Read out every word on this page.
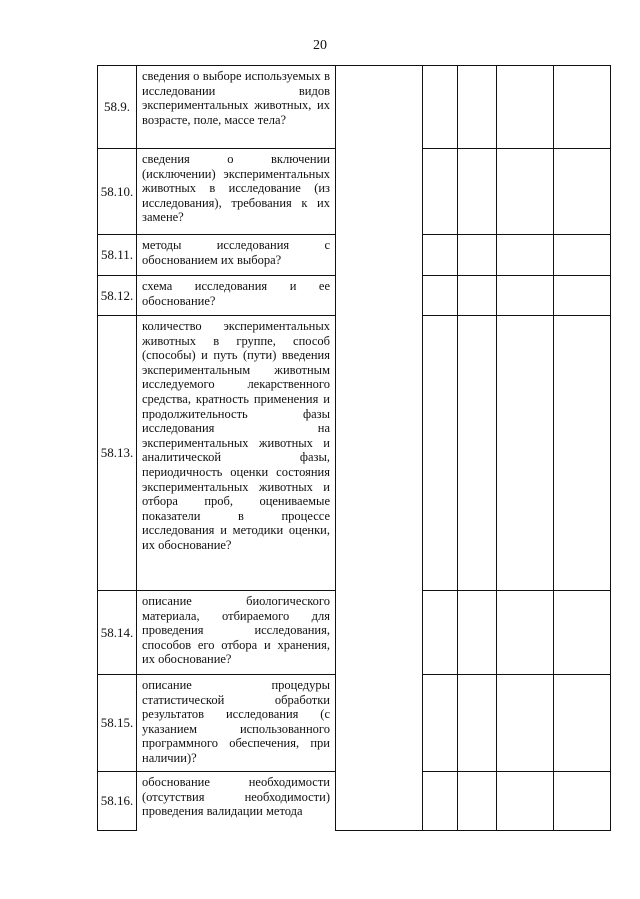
20
58.9.	сведения о выборе используемых в исследовании видов экспериментальных животных, их возрасте, поле, массе тела?					
58.10.	сведения о включении (исключении) экспериментальных животных в исследование (из исследования), требования к их замене?					
58.11.	методы исследования с обоснованием их выбора?					
58.12.	схема исследования и ее обоснование?					
58.13.	количество экспериментальных животных в группе, способ (способы) и путь (пути) введения экспериментальным животным исследуемого лекарственного средства, кратность применения и продолжительность фазы исследования на экспериментальных животных и аналитической фазы, периодичность оценки состояния экспериментальных животных и отбора проб, оцениваемые показатели в процессе исследования и методики оценки, их обоснование?					
58.14.	описание биологического материала, отбираемого для проведения исследования, способов его отбора и хранения, их обоснование?					
58.15.	описание процедуры статистической обработки результатов исследования (с указанием использованного программного обеспечения, при наличии)?					
58.16.	обоснование необходимости (отсутствия необходимости) проведения валидации метода					
